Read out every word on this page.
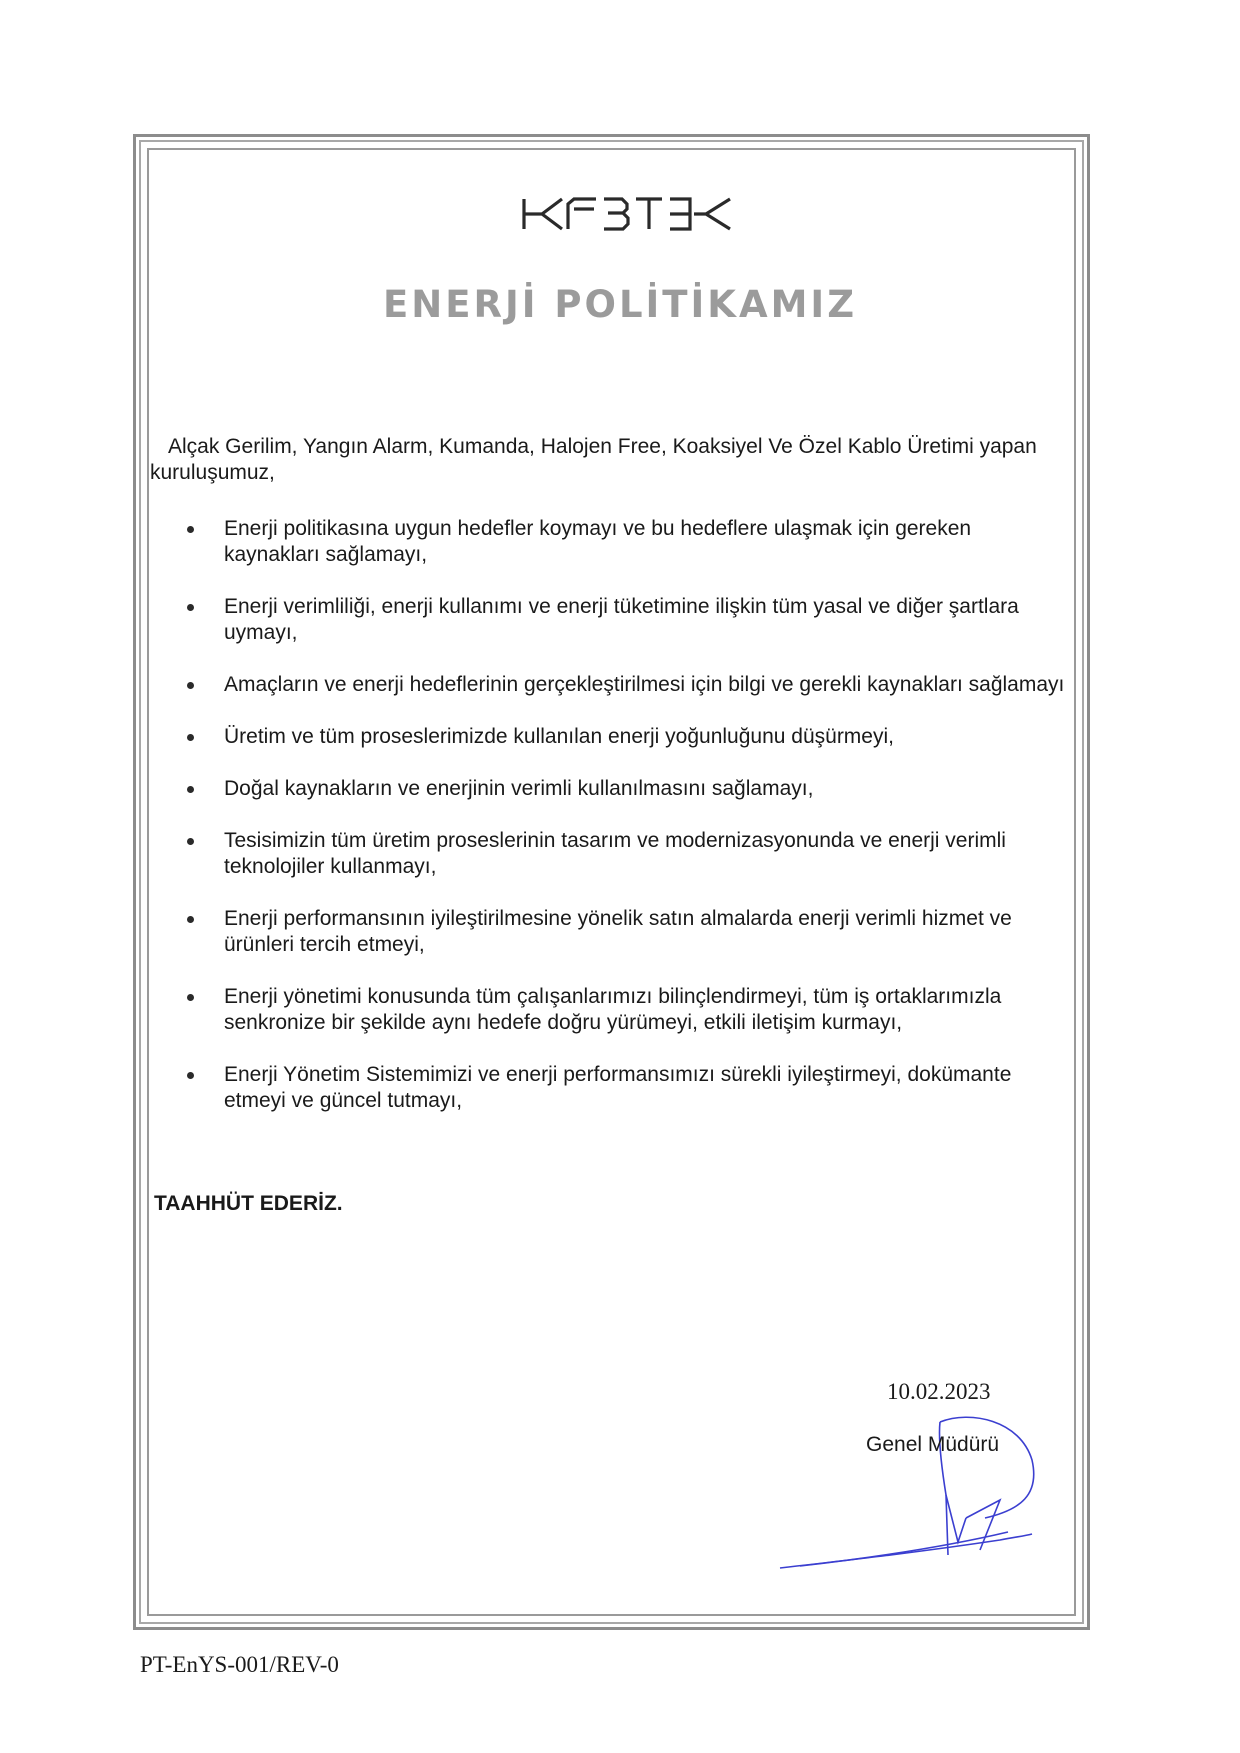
ENERJİ POLİTİKAMIZ
Alçak Gerilim, Yangın Alarm, Kumanda, Halojen Free, Koaksiyel Ve Özel Kablo Üretimi yapan kuruluşumuz,
Enerji politikasına uygun hedefler koymayı ve bu hedeflere ulaşmak için gereken kaynakları sağlamayı,
Enerji verimliliği, enerji kullanımı ve enerji tüketimine ilişkin tüm yasal ve diğer şartlara uymayı,
Amaçların ve enerji hedeflerinin gerçekleştirilmesi için bilgi ve gerekli kaynakları sağlamayı
Üretim ve tüm proseslerimizde kullanılan enerji yoğunluğunu düşürmeyi,
Doğal kaynakların ve enerjinin verimli kullanılmasını sağlamayı,
Tesisimizin tüm üretim proseslerinin tasarım ve modernizasyonunda ve enerji verimli teknolojiler kullanmayı,
Enerji performansının iyileştirilmesine yönelik satın almalarda enerji verimli hizmet ve ürünleri tercih etmeyi,
Enerji yönetimi konusunda tüm çalışanlarımızı bilinçlendirmeyi, tüm iş ortaklarımızla senkronize bir şekilde aynı hedefe doğru yürümeyi, etkili iletişim kurmayı,
Enerji Yönetim Sistemimizi ve enerji performansımızı sürekli iyileştirmeyi, dokümante etmeyi ve güncel tutmayı,
TAAHHÜT EDERİZ.
10.02.2023
Genel Müdürü
PT-EnYS-001/REV-0
